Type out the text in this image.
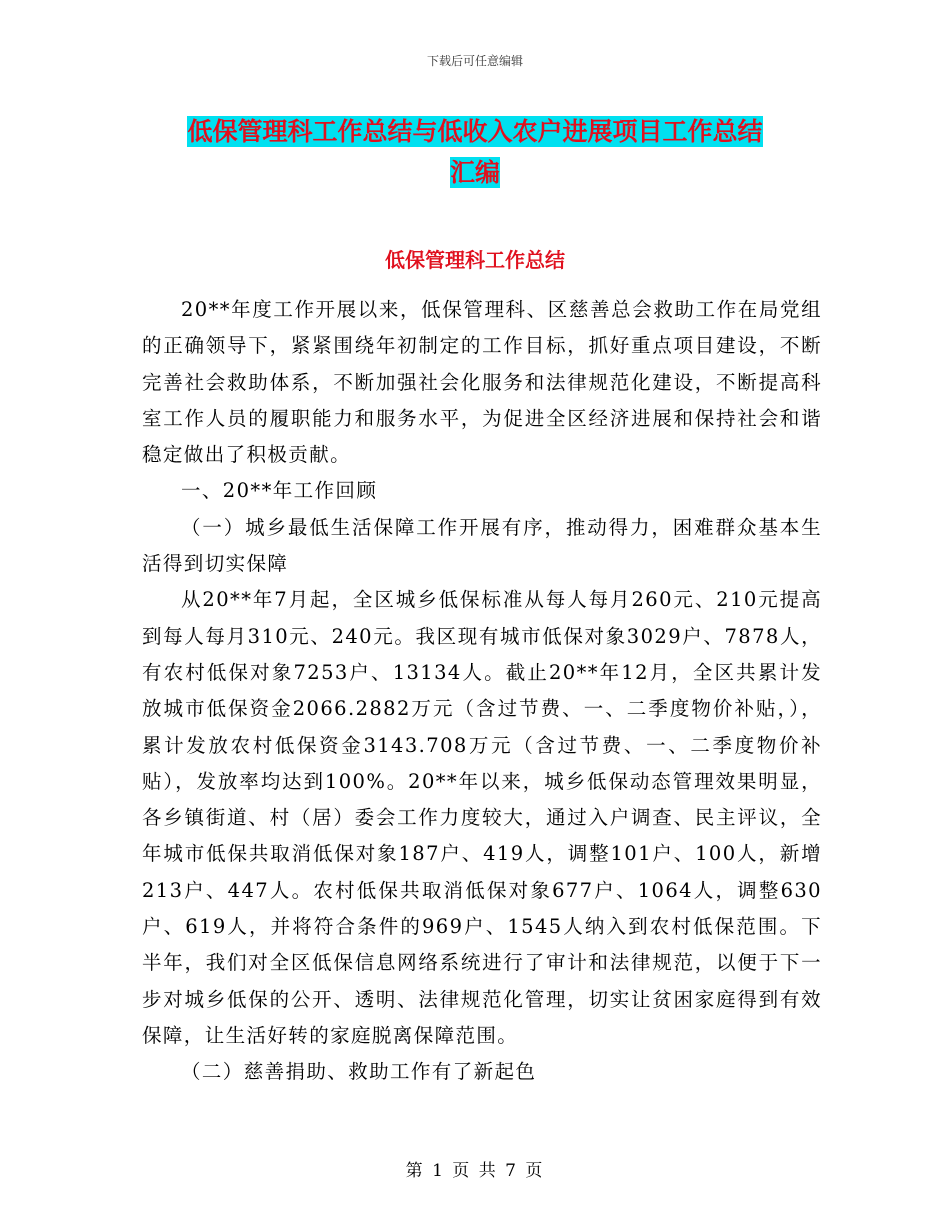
下载后可任意编辑
低保管理科工作总结与低收入农户进展项目工作总结
汇编
低保管理科工作总结

20**年度工作开展以来，低保管理科、区慈善总会救助工作在局党组的正确领导下，紧紧围绕年初制定的工作目标，抓好重点项目建设，不断完善社会救助体系，不断加强社会化服务和法律规范化建设，不断提高科室工作人员的履职能力和服务水平，为促进全区经济进展和保持社会和谐稳定做出了积极贡献。

一、20**年工作回顾

（一）城乡最低生活保障工作开展有序，推动得力，困难群众基本生活得到切实保障

从20**年7月起，全区城乡低保标准从每人每月260元、210元提高到每人每月310元、240元。我区现有城市低保对象3029户、7878人，有农村低保对象7253户、13134人。截止20**年12月，全区共累计发放城市低保资金2066.2882万元（含过节费、一、二季度物价补贴，），累计发放农村低保资金3143.708万元（含过节费、一、二季度物价补贴），发放率均达到100%。20**年以来，城乡低保动态管理效果明显，各乡镇街道、村（居）委会工作力度较大，通过入户调查、民主评议，全年城市低保共取消低保对象187户、419人，调整101户、100人，新增213户、447人。农村低保共取消低保对象677户、1064人，调整630户、619人，并将符合条件的969户、1545人纳入到农村低保范围。下半年，我们对全区低保信息网络系统进行了审计和法律规范，以便于下一步对城乡低保的公开、透明、法律规范化管理，切实让贫困家庭得到有效保障，让生活好转的家庭脱离保障范围。

（二）慈善捐助、救助工作有了新起色

第 1 页 共 7 页
